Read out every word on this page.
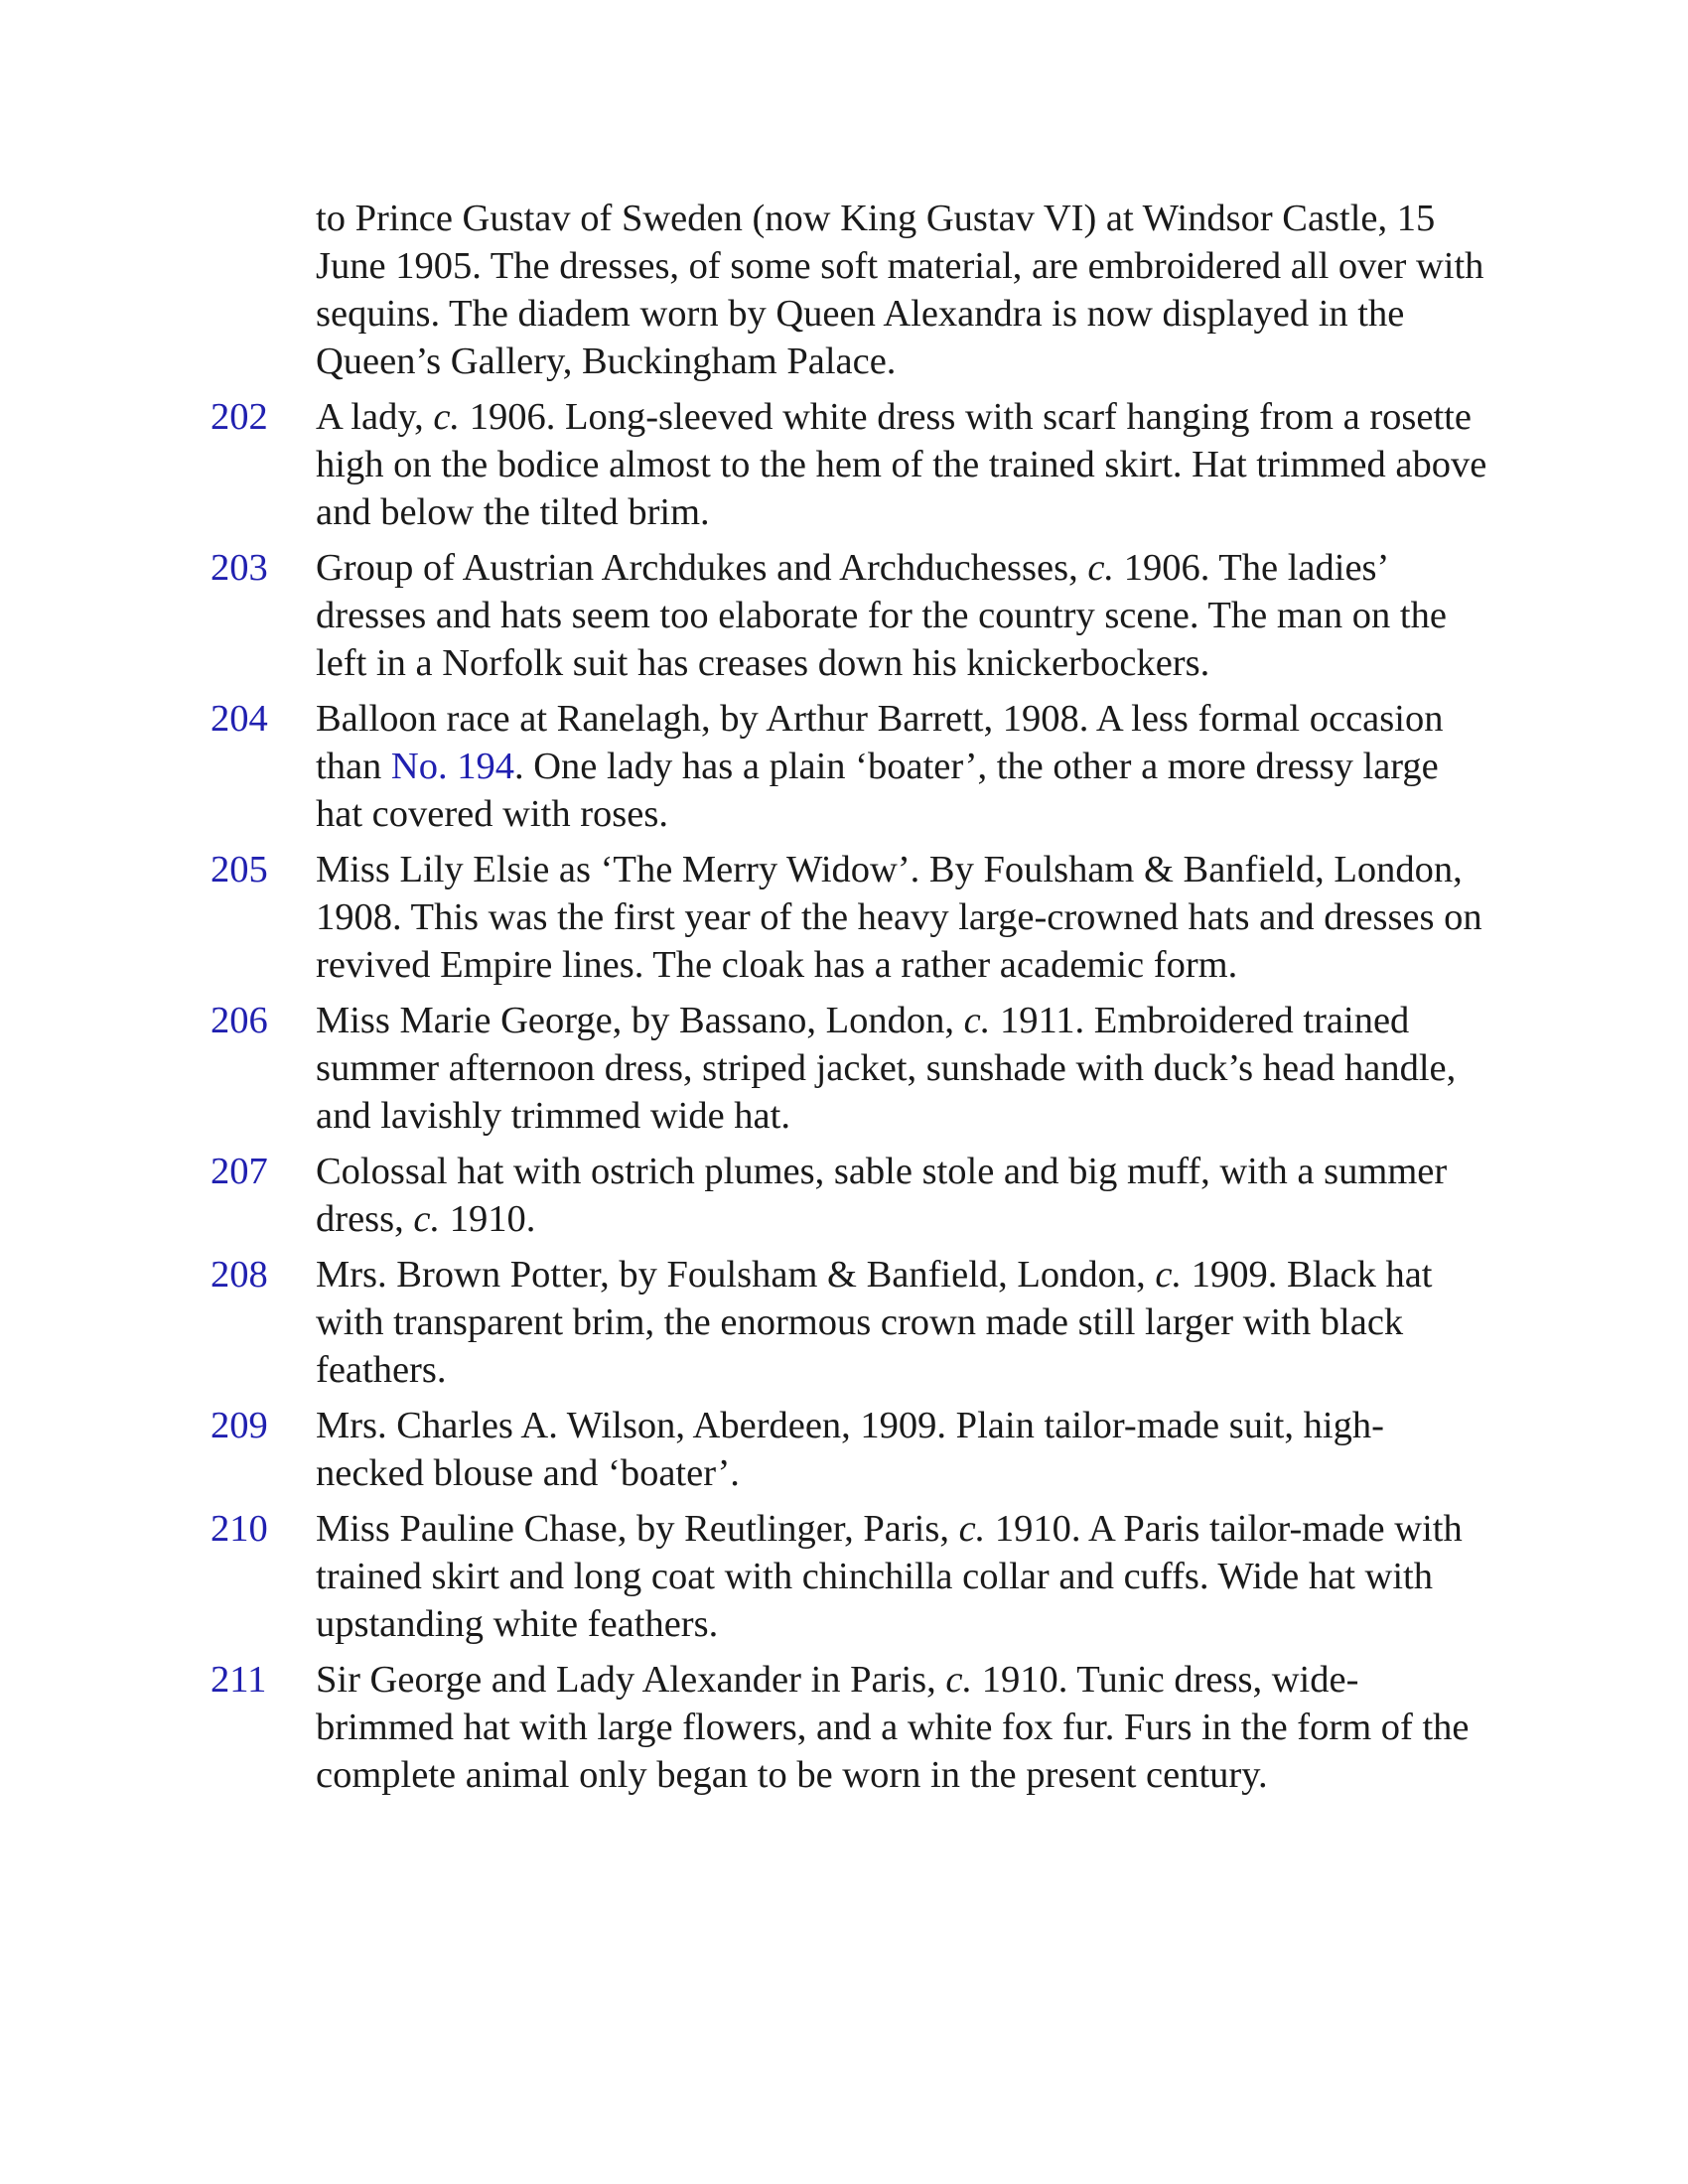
to Prince Gustav of Sweden (now King Gustav VI) at Windsor Castle, 15 June 1905. The dresses, of some soft material, are embroidered all over with sequins. The diadem worn by Queen Alexandra is now displayed in the Queen’s Gallery, Buckingham Palace.
202 A lady, c. 1906. Long-sleeved white dress with scarf hanging from a rosette high on the bodice almost to the hem of the trained skirt. Hat trimmed above and below the tilted brim.
203 Group of Austrian Archdukes and Archduchesses, c. 1906. The ladies’ dresses and hats seem too elaborate for the country scene. The man on the left in a Norfolk suit has creases down his knickerbockers.
204 Balloon race at Ranelagh, by Arthur Barrett, 1908. A less formal occasion than No. 194. One lady has a plain ‘boater’, the other a more dressy large hat covered with roses.
205 Miss Lily Elsie as ‘The Merry Widow’. By Foulsham & Banfield, London, 1908. This was the first year of the heavy large-crowned hats and dresses on revived Empire lines. The cloak has a rather academic form.
206 Miss Marie George, by Bassano, London, c. 1911. Embroidered trained summer afternoon dress, striped jacket, sunshade with duck’s head handle, and lavishly trimmed wide hat.
207 Colossal hat with ostrich plumes, sable stole and big muff, with a summer dress, c. 1910.
208 Mrs. Brown Potter, by Foulsham & Banfield, London, c. 1909. Black hat with transparent brim, the enormous crown made still larger with black feathers.
209 Mrs. Charles A. Wilson, Aberdeen, 1909. Plain tailor-made suit, high-necked blouse and ‘boater’.
210 Miss Pauline Chase, by Reutlinger, Paris, c. 1910. A Paris tailor-made with trained skirt and long coat with chinchilla collar and cuffs. Wide hat with upstanding white feathers.
211 Sir George and Lady Alexander in Paris, c. 1910. Tunic dress, wide-brimmed hat with large flowers, and a white fox fur. Furs in the form of the complete animal only began to be worn in the present century.
